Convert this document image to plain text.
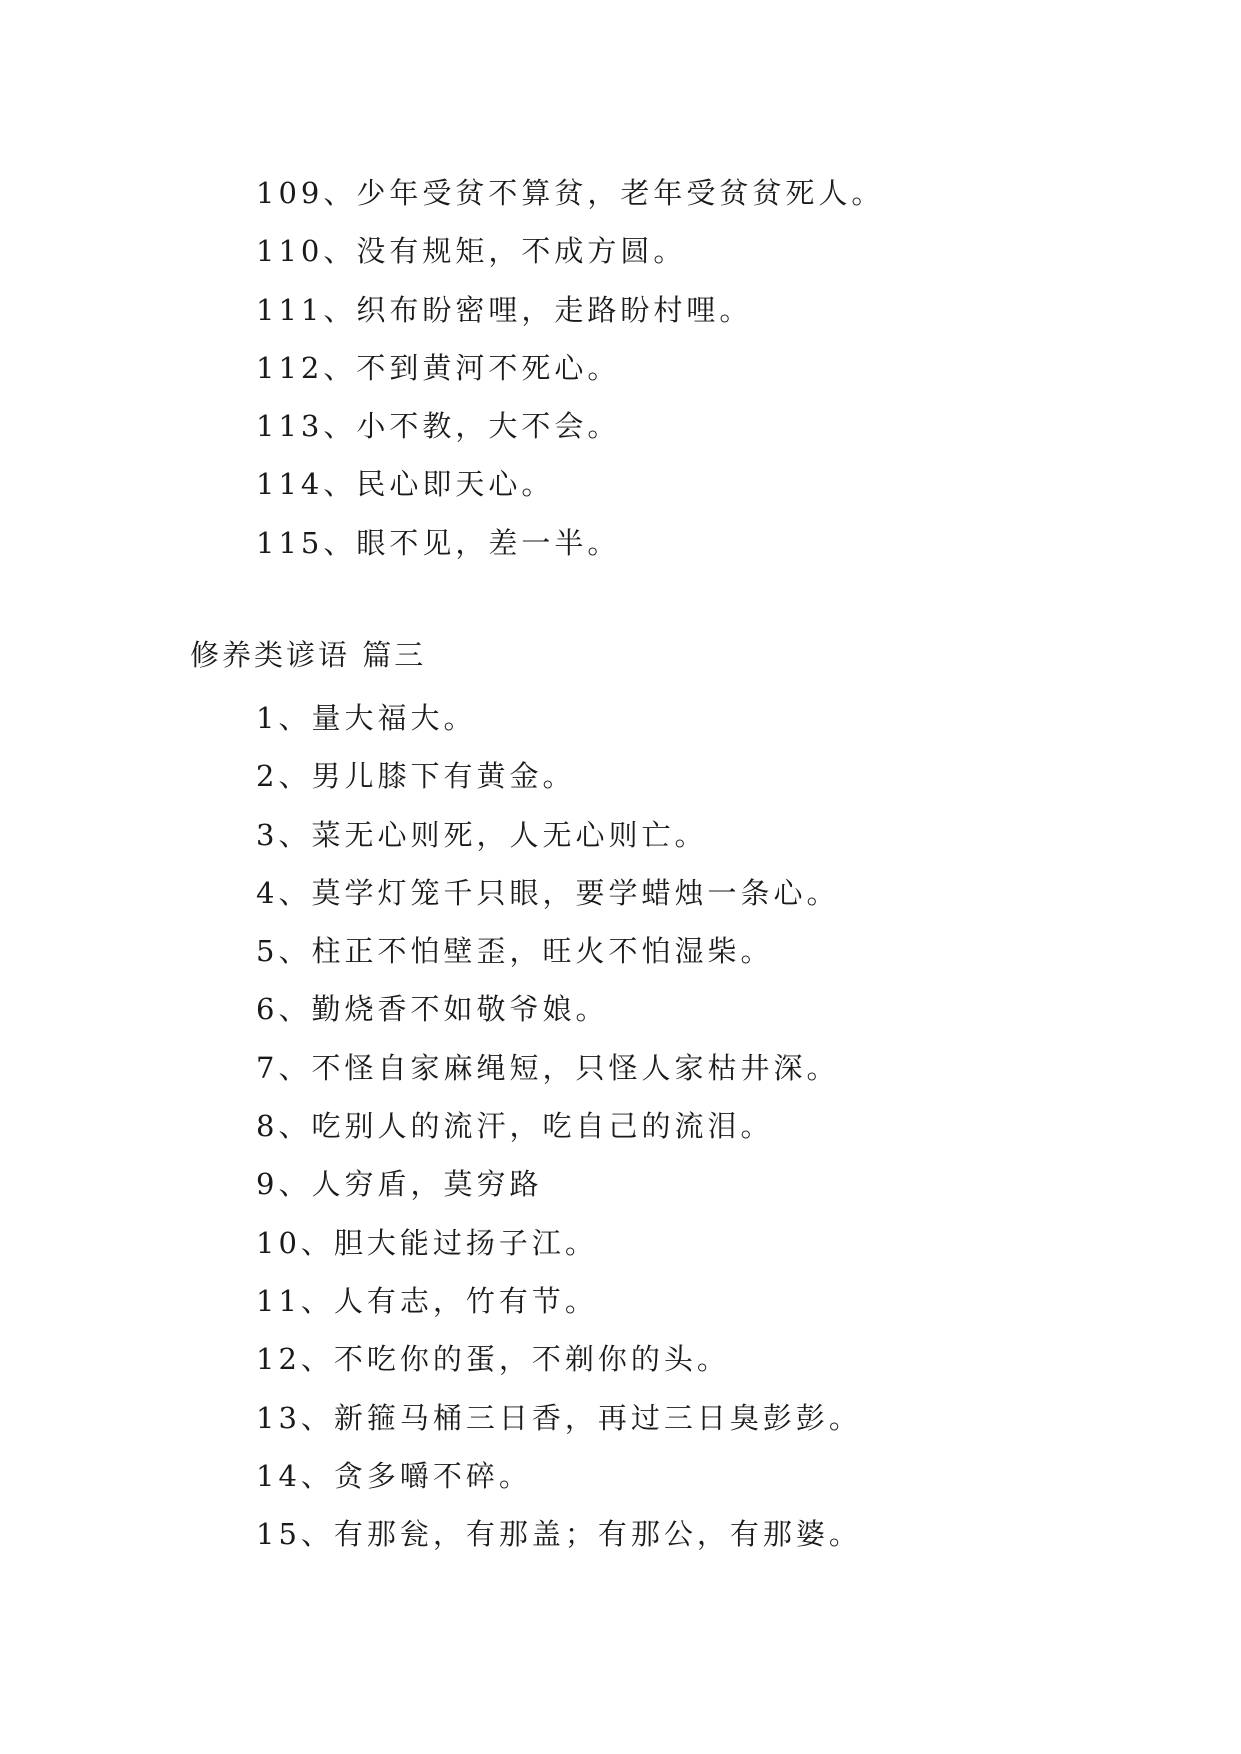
109、少年受贫不算贫，老年受贫贫死人。
110、没有规矩，不成方圆。
111、织布盼密哩，走路盼村哩。
112、不到黄河不死心。
113、小不教，大不会。
114、民心即天心。
115、眼不见，差一半。
修养类谚语 篇三
1、量大福大。
2、男儿膝下有黄金。
3、菜无心则死，人无心则亡。
4、莫学灯笼千只眼，要学蜡烛一条心。
5、柱正不怕壁歪，旺火不怕湿柴。
6、勤烧香不如敬爷娘。
7、不怪自家麻绳短，只怪人家枯井深。
8、吃别人的流汗，吃自己的流泪。
9、人穷盾，莫穷路
10、胆大能过扬子江。
11、人有志，竹有节。
12、不吃你的蛋，不剃你的头。
13、新箍马桶三日香，再过三日臭彭彭。
14、贪多嚼不碎。
15、有那瓮，有那盖；有那公，有那婆。
